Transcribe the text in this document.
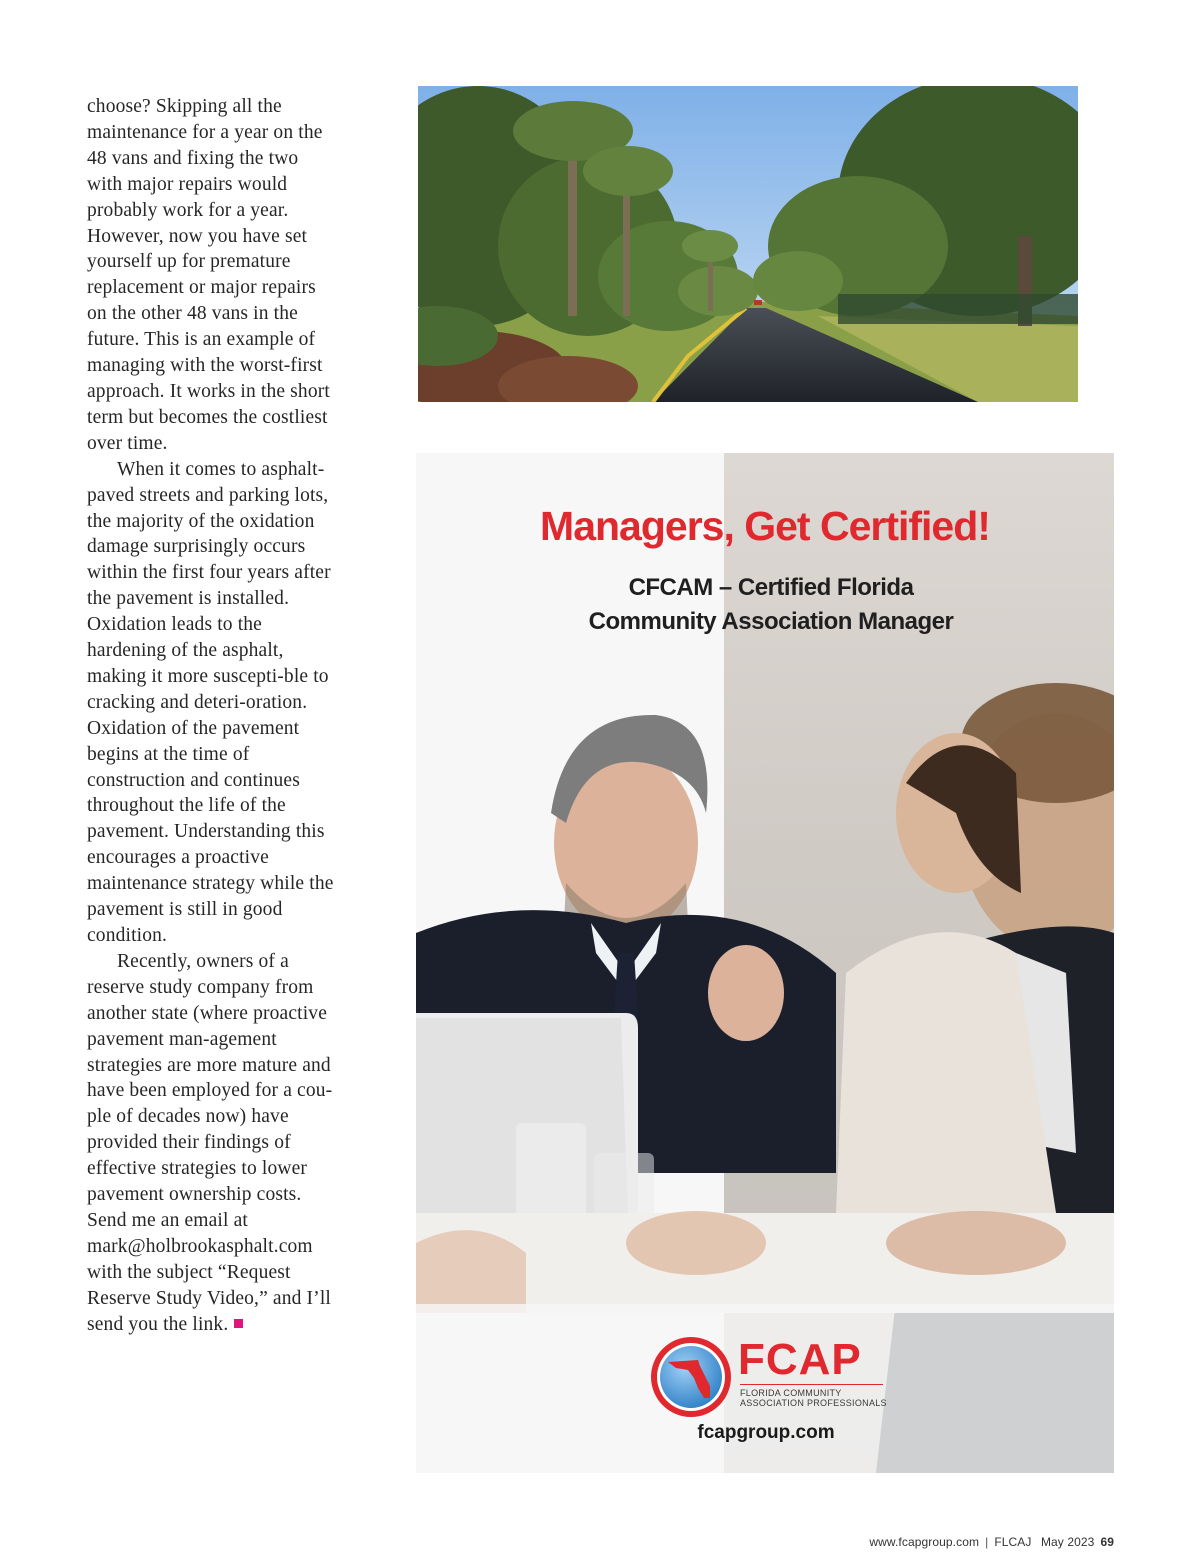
choose? Skipping all the maintenance for a year on the 48 vans and fixing the two with major repairs would probably work for a year. However, now you have set yourself up for premature replacement or major repairs on the other 48 vans in the future. This is an example of managing with the worst-first approach. It works in the short term but becomes the costliest over time.

When it comes to asphalt-paved streets and parking lots, the majority of the oxidation damage surprisingly occurs within the first four years after the pavement is installed. Oxidation leads to the hardening of the asphalt, making it more suscepti-ble to cracking and deteri-oration. Oxidation of the pavement begins at the time of construction and continues throughout the life of the pavement. Understanding this encourages a proactive maintenance strategy while the pavement is still in good condition.

Recently, owners of a reserve study company from another state (where proactive pavement man-agement strategies are more mature and have been employed for a cou-ple of decades now) have provided their findings of effective strategies to lower pavement ownership costs. Send me an email at mark@holbrookasphalt.com with the subject “Request Reserve Study Video,” and I’ll send you the link.

Managers, Get Certified!
CFCAM – Certified Florida
Community Association Manager
FCAP
FLORIDA COMMUNITY
ASSOCIATION PROFESSIONALS
fcapgroup.com
www.fcapgroup.com | FLCAJ May 2023 69
